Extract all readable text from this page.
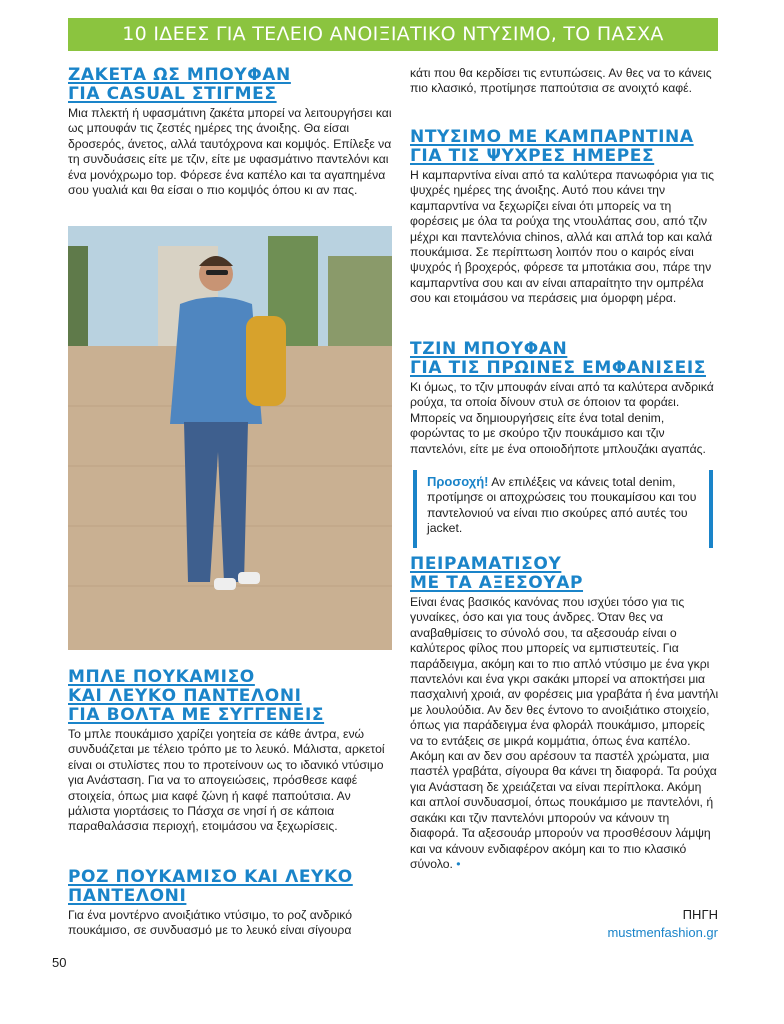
10 ΙΔΕΕΣ ΓΙΑ ΤΕΛΕΙΟ ΑΝΟΙΞΙΑΤΙΚΟ ΝΤΥΣΙΜΟ, ΤΟ ΠΑΣΧΑ
ΖΑΚΕΤΑ ΩΣ ΜΠΟΥΦΑΝ
ΓΙΑ CASUAL ΣΤΙΓΜΕΣ

Μια πλεκτή ή υφασμάτινη ζακέτα μπορεί να λειτουργήσει και ως μπουφάν τις ζεστές ημέρες της άνοιξης. Θα είσαι δροσερός, άνετος, αλλά ταυτόχρονα και κομψός. Επίλεξε να τη συνδυάσεις είτε με τζιν, είτε με υφασμάτινο παντελόνι και ένα μονόχρωμο top. Φόρεσε ένα καπέλο και τα αγαπημένα σου γυαλιά και θα είσαι ο πιο κομψός όπου κι αν πας.

ΜΠΛΕ ΠΟΥΚΑΜΙΣΟ
ΚΑΙ ΛΕΥΚΟ ΠΑΝΤΕΛΟΝΙ
ΓΙΑ ΒΟΛΤΑ ΜΕ ΣΥΓΓΕΝΕΙΣ

Το μπλε πουκάμισο χαρίζει γοητεία σε κάθε άντρα, ενώ συνδυάζεται με τέλειο τρόπο με το λευκό. Μάλιστα, αρκετοί είναι οι στυλίστες που το προτείνουν ως το ιδανικό ντύσιμο για Ανάσταση. Για να το απογειώσεις, πρόσθεσε καφέ στοιχεία, όπως μια καφέ ζώνη ή καφέ παπούτσια. Αν μάλιστα γιορτάσεις το Πάσχα σε νησί ή σε κάποια παραθαλάσσια περιοχή, ετοιμάσου να ξεχωρίσεις.

ΡΟΖ ΠΟΥΚΑΜΙΣΟ ΚΑΙ ΛΕΥΚΟ
ΠΑΝΤΕΛΟΝΙ

Για ένα μοντέρνο ανοιξιάτικο ντύσιμο, το ροζ ανδρικό πουκάμισο, σε συνδυασμό με το λευκό είναι σίγουρα

κάτι που θα κερδίσει τις εντυπώσεις. Αν θες να το κάνεις πιο κλασικό, προτίμησε παπούτσια σε ανοιχτό καφέ.

ΝΤΥΣΙΜΟ ΜΕ ΚΑΜΠΑΡΝΤΙΝΑ
ΓΙΑ ΤΙΣ ΨΥΧΡΕΣ ΗΜΕΡΕΣ

Η καμπαρντίνα είναι από τα καλύτερα πανωφόρια για τις ψυχρές ημέρες της άνοιξης. Αυτό που κάνει την καμπαρντίνα να ξεχωρίζει είναι ότι μπορείς να τη φορέσεις με όλα τα ρούχα της ντουλάπας σου, από τζιν μέχρι και παντελόνια chinos, αλλά και απλά top και καλά πουκάμισα. Σε περίπτωση λοιπόν που ο καιρός είναι ψυχρός ή βροχερός, φόρεσε τα μποτάκια σου, πάρε την καμπαρντίνα σου και αν είναι απαραίτητο την ομπρέλα σου και ετοιμάσου να περάσεις μια όμορφη μέρα.

ΤΖΙΝ ΜΠΟΥΦΑΝ
ΓΙΑ ΤΙΣ ΠΡΩΙΝΕΣ ΕΜΦΑΝΙΣΕΙΣ

Κι όμως, το τζιν μπουφάν είναι από τα καλύτερα ανδρικά ρούχα, τα οποία δίνουν στυλ σε όποιον τα φοράει. Μπορείς να δημιουργήσεις είτε ένα total denim, φορώντας το με σκούρο τζιν πουκάμισο και τζιν παντελόνι, είτε με ένα οποιοδήποτε μπλουζάκι αγαπάς.

Προσοχή! Αν επιλέξεις να κάνεις total denim, προτίμησε οι αποχρώσεις του πουκαμίσου και του παντελονιού να είναι πιο σκούρες από αυτές του jacket.
ΠΕΙΡΑΜΑΤΙΣΟΥ
ΜΕ ΤΑ ΑΞΕΣΟΥΑΡ

Είναι ένας βασικός κανόνας που ισχύει τόσο για τις γυναίκες, όσο και για τους άνδρες. Όταν θες να αναβαθμίσεις το σύνολό σου, τα αξεσουάρ είναι ο καλύτερος φίλος που μπορείς να εμπιστευτείς. Για παράδειγμα, ακόμη και το πιο απλό ντύσιμο με ένα γκρι παντελόνι και ένα γκρι σακάκι μπορεί να αποκτήσει μια πασχαλινή χροιά, αν φορέσεις μια γραβάτα ή ένα μαντήλι με λουλούδια. Αν δεν θες έντονο το ανοιξιάτικο στοιχείο, όπως για παράδειγμα ένα φλοράλ πουκάμισο, μπορείς να το εντάξεις σε μικρά κομμάτια, όπως ένα καπέλο. Ακόμη και αν δεν σου αρέσουν τα παστέλ χρώματα, μια παστέλ γραβάτα, σίγουρα θα κάνει τη διαφορά. Τα ρούχα για Ανάσταση δε χρειάζεται να είναι περίπλοκα. Ακόμη και απλοί συνδυασμοί, όπως πουκάμισο με παντελόνι, ή σακάκι και τζιν παντελόνι μπορούν να κάνουν τη διαφορά. Τα αξεσουάρ μπορούν να προσθέσουν λάμψη και να κάνουν ενδιαφέρον ακόμη και το πιο κλασικό σύνολο. •

ΠΗΓΗ
mustmenfashion.gr
50
